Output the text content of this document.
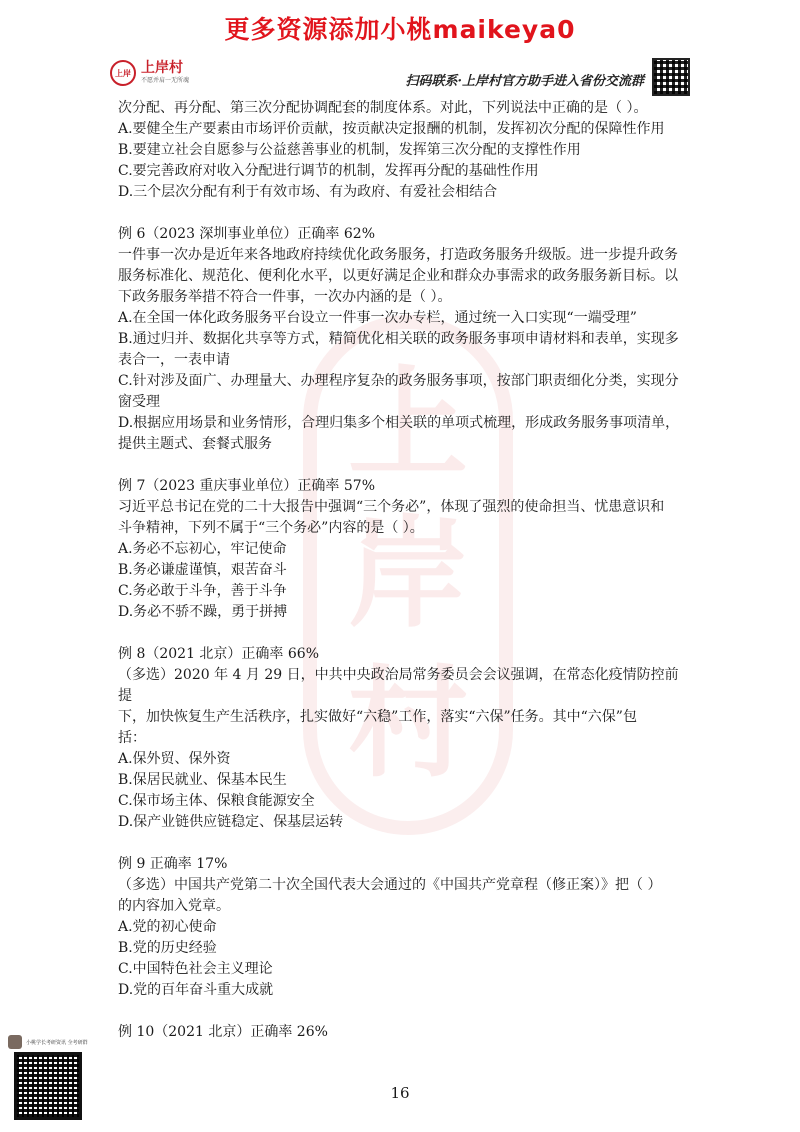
更多资源添加小桃maikeya0
上岸 上岸村
不愿并肩一无所魂	扫码联系·上岸村官方助手进入省份交流群
上
岸
村

次分配、再分配、第三次分配协调配套的制度体系。对此，下列说法中正确的是（ ）。

A.要健全生产要素由市场评价贡献，按贡献决定报酬的机制，发挥初次分配的保障性作用

B.要建立社会自愿参与公益慈善事业的机制，发挥第三次分配的支撑性作用

C.要完善政府对收入分配进行调节的机制，发挥再分配的基础性作用

D.三个层次分配有利于有效市场、有为政府、有爱社会相结合

例 6（2023 深圳事业单位）正确率 62%

一件事一次办是近年来各地政府持续优化政务服务，打造政务服务升级版。进一步提升政务

服务标准化、规范化、便利化水平，以更好满足企业和群众办事需求的政务服务新目标。以

下政务服务举措不符合一件事，一次办内涵的是（ ）。

A.在全国一体化政务服务平台设立一件事一次办专栏，通过统一入口实现“一端受理”

B.通过归并、数据化共享等方式，精简优化相关联的政务服务事项申请材料和表单，实现多

表合一，一表申请

C.针对涉及面广、办理量大、办理程序复杂的政务服务事项，按部门职责细化分类，实现分

窗受理

D.根据应用场景和业务情形，合理归集多个相关联的单项式梳理，形成政务服务事项清单，

提供主题式、套餐式服务

例 7（2023 重庆事业单位）正确率 57%

习近平总书记在党的二十大报告中强调“三个务必”，体现了强烈的使命担当、忧患意识和

斗争精神，下列不属于“三个务必”内容的是（ ）。

A.务必不忘初心，牢记使命

B.务必谦虚谨慎，艰苦奋斗

C.务必敢于斗争，善于斗争

D.务必不骄不躁，勇于拼搏

例 8（2021 北京）正确率 66%

（多选）2020 年 4 月 29 日，中共中央政治局常务委员会会议强调，在常态化疫情防控前提

下，加快恢复生产生活秩序，扎实做好“六稳”工作，落实“六保”任务。其中“六保”包

括：

A.保外贸、保外资

B.保居民就业、保基本民生

C.保市场主体、保粮食能源安全

D.保产业链供应链稳定、保基层运转

例 9 正确率 17%

（多选）中国共产党第二十次全国代表大会通过的《中国共产党章程（修正案）》把（ ）

的内容加入党章。

A.党的初心使命

B.党的历史经验

C.中国特色社会主义理论

D.党的百年奋斗重大成就

例 10（2021 北京）正确率 26%

小桃学长考研资讯 全考研群
16
